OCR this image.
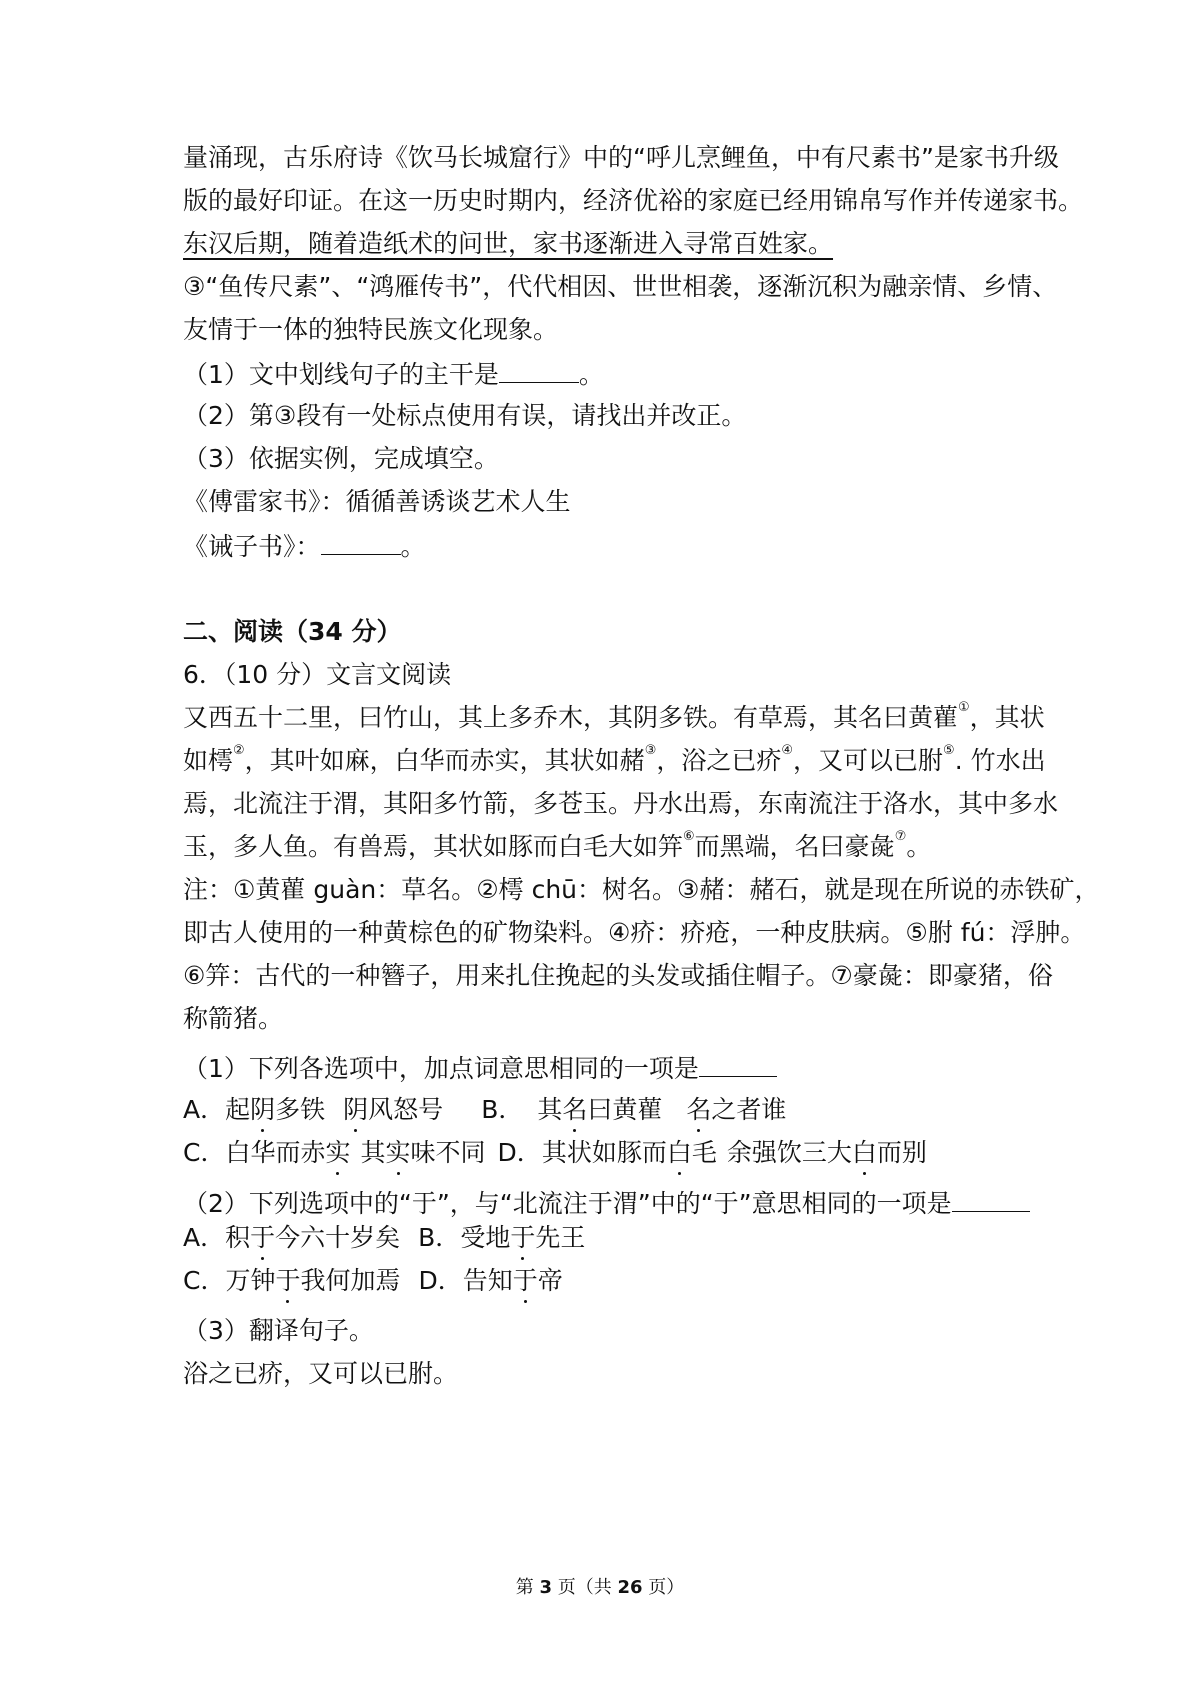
量涌现，古乐府诗《饮马长城窟行》中的“呼儿烹鲤鱼，中有尺素书”是家书升级
版的最好印证。在这一历史时期内，经济优裕的家庭已经用锦帛写作并传递家书。
东汉后期，随着造纸术的问世，家书逐渐进入寻常百姓家。
③“鱼传尺素”、“鸿雁传书”，代代相因、世世相袭，逐渐沉积为融亲情、乡情、
友情于一体的独特民族文化现象。
（1）文中划线句子的主干是	。
（2）第③段有一处标点使用有误，请找出并改正。
（3）依据实例，完成填空。
《傅雷家书》：循循善诱谈艺术人生
《诫子书》：	。
二、阅读（34 分）
6．（10 分）文言文阅读
又西五十二里，曰竹山，其上多乔木，其阴多铁。有草焉，其名曰黄雚①，其状
如樗②，其叶如麻，白华而赤实，其状如赭③，浴之已疥④，又可以已胕⑤. 竹水出
焉，北流注于渭，其阳多竹箭，多苍玉。丹水出焉，东南流注于洛水，其中多水
玉，多人鱼。有兽焉，其状如豚而白毛大如笄⑥而黑端，名曰豪彘⑦。
注：①黄雚 guàn：草名。②樗 chū：树名。③赭：赭石，就是现在所说的赤铁矿，
即古人使用的一种黄棕色的矿物染料。④疥：疥疮，一种皮肤病。⑤胕 fú：浮肿。
⑥笄：古代的一种簪子，用来扎住挽起的头发或插住帽子。⑦豪彘：即豪猪，俗
称箭猪。
（1）下列各选项中，加点词意思相同的一项是
A．起阴多铁 阴风怒号 B． 其名曰黄雚 名之者谁
C．白华而赤实 其实味不同 D．其状如豚而白毛 余强饮三大白而别
（2）下列选项中的“于”，与“北流注于渭”中的“于”意思相同的一项是
A．积于今六十岁矣 B．受地于先王
C．万钟于我何加焉 D．告知于帝
（3）翻译句子。
浴之已疥，又可以已胕。
第 3 页（共 26 页）
